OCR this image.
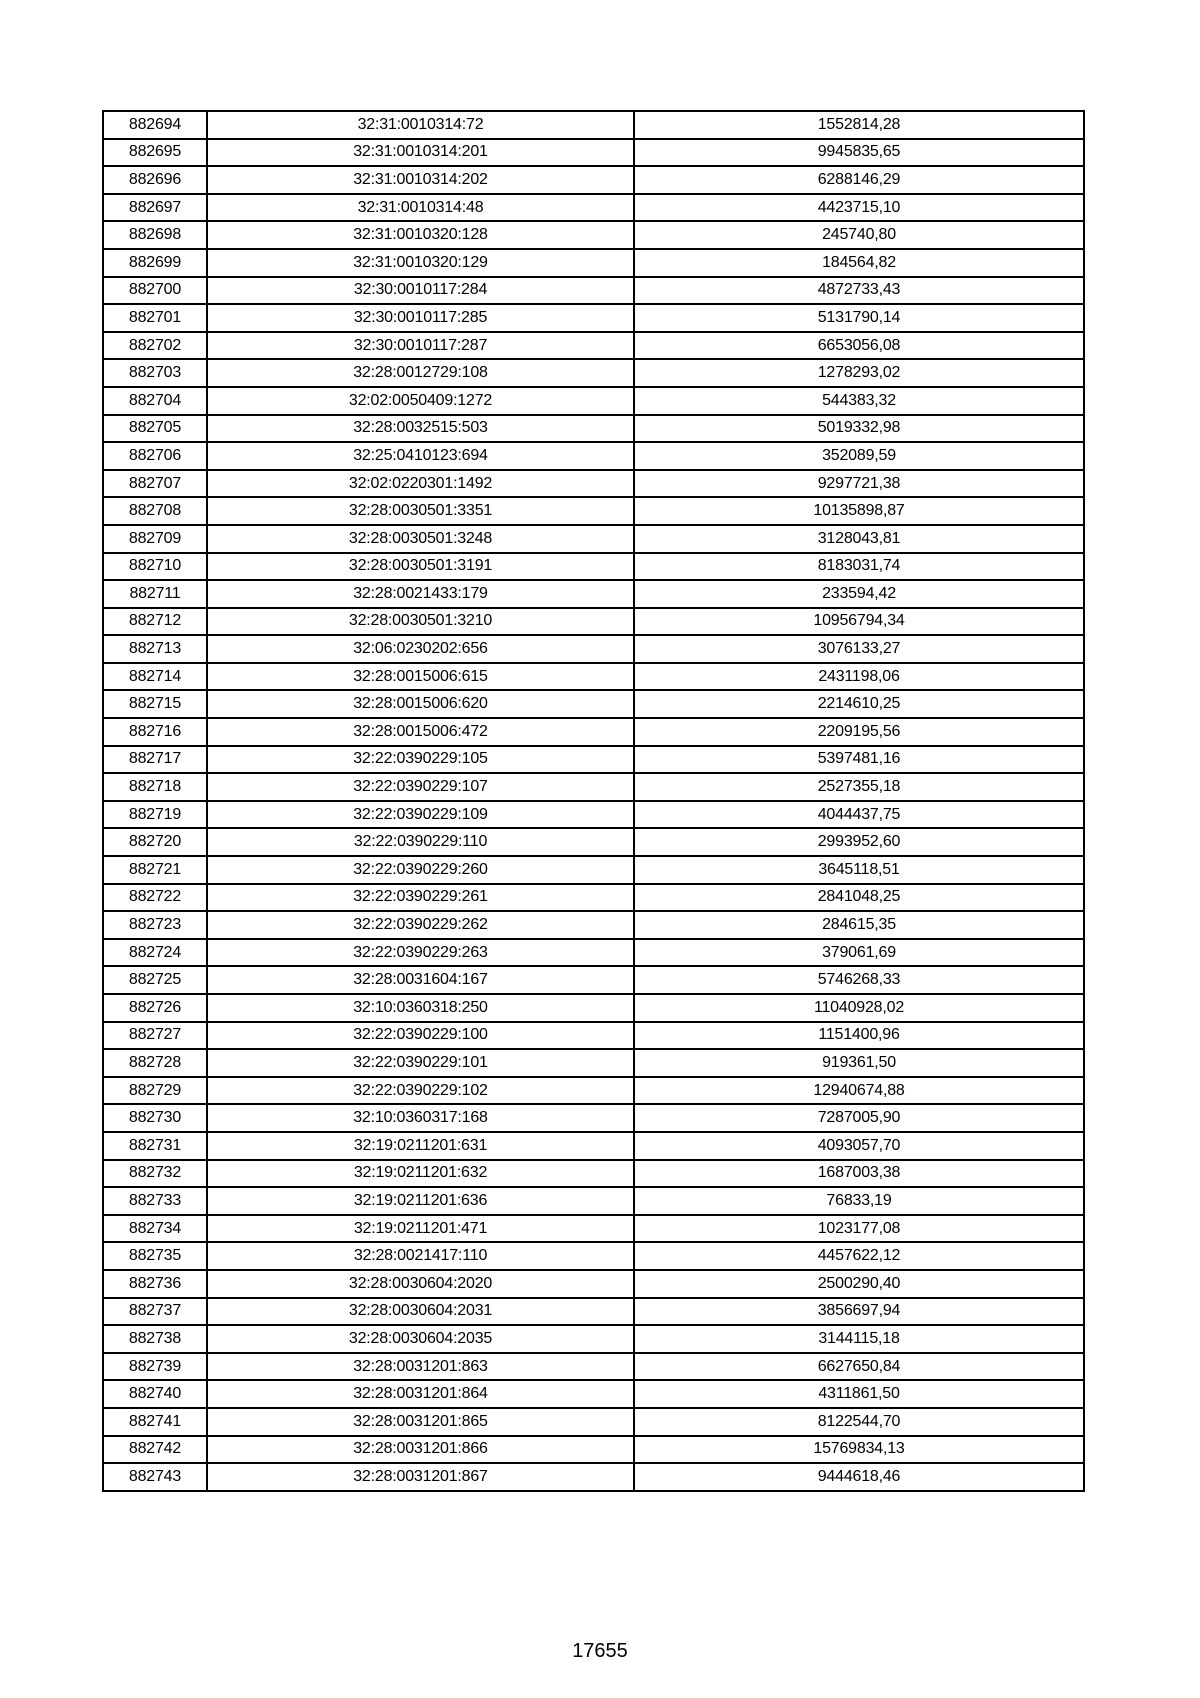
882694	32:31:0010314:72	1552814,28
882695	32:31:0010314:201	9945835,65
882696	32:31:0010314:202	6288146,29
882697	32:31:0010314:48	4423715,10
882698	32:31:0010320:128	245740,80
882699	32:31:0010320:129	184564,82
882700	32:30:0010117:284	4872733,43
882701	32:30:0010117:285	5131790,14
882702	32:30:0010117:287	6653056,08
882703	32:28:0012729:108	1278293,02
882704	32:02:0050409:1272	544383,32
882705	32:28:0032515:503	5019332,98
882706	32:25:0410123:694	352089,59
882707	32:02:0220301:1492	9297721,38
882708	32:28:0030501:3351	10135898,87
882709	32:28:0030501:3248	3128043,81
882710	32:28:0030501:3191	8183031,74
882711	32:28:0021433:179	233594,42
882712	32:28:0030501:3210	10956794,34
882713	32:06:0230202:656	3076133,27
882714	32:28:0015006:615	2431198,06
882715	32:28:0015006:620	2214610,25
882716	32:28:0015006:472	2209195,56
882717	32:22:0390229:105	5397481,16
882718	32:22:0390229:107	2527355,18
882719	32:22:0390229:109	4044437,75
882720	32:22:0390229:110	2993952,60
882721	32:22:0390229:260	3645118,51
882722	32:22:0390229:261	2841048,25
882723	32:22:0390229:262	284615,35
882724	32:22:0390229:263	379061,69
882725	32:28:0031604:167	5746268,33
882726	32:10:0360318:250	11040928,02
882727	32:22:0390229:100	1151400,96
882728	32:22:0390229:101	919361,50
882729	32:22:0390229:102	12940674,88
882730	32:10:0360317:168	7287005,90
882731	32:19:0211201:631	4093057,70
882732	32:19:0211201:632	1687003,38
882733	32:19:0211201:636	76833,19
882734	32:19:0211201:471	1023177,08
882735	32:28:0021417:110	4457622,12
882736	32:28:0030604:2020	2500290,40
882737	32:28:0030604:2031	3856697,94
882738	32:28:0030604:2035	3144115,18
882739	32:28:0031201:863	6627650,84
882740	32:28:0031201:864	4311861,50
882741	32:28:0031201:865	8122544,70
882742	32:28:0031201:866	15769834,13
882743	32:28:0031201:867	9444618,46
17655
